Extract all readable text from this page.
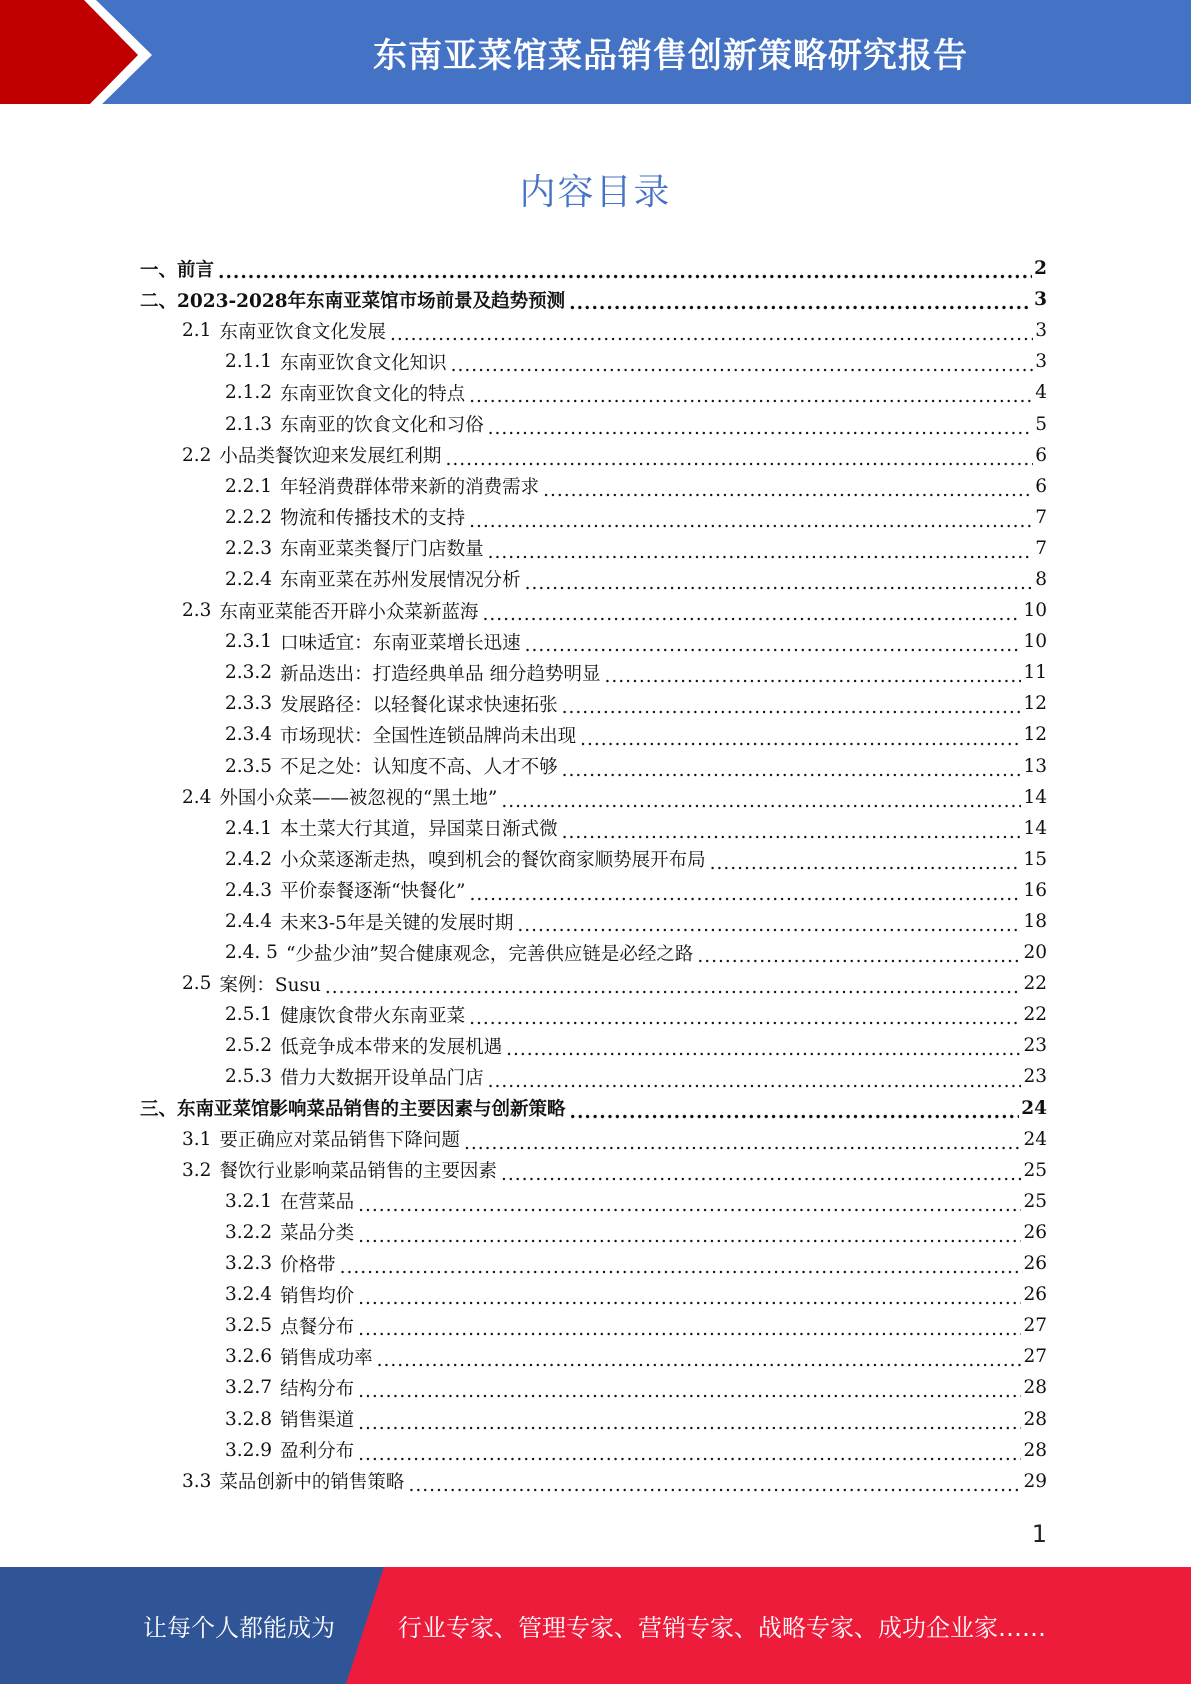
东南亚菜馆菜品销售创新策略研究报告
内容目录
一、前言 .....	2
二、2023-2028年东南亚菜馆市场前景及趋势预测 .....	3
2.1 东南亚饮食文化发展 .....	3
2.1.1 东南亚饮食文化知识 .....	3
2.1.2 东南亚饮食文化的特点 .....	4
2.1.3 东南亚的饮食文化和习俗 .....	5
2.2 小品类餐饮迎来发展红利期 .....	6
2.2.1 年轻消费群体带来新的消费需求 .....	6
2.2.2 物流和传播技术的支持 .....	7
2.2.3 东南亚菜类餐厅门店数量 .....	7
2.2.4 东南亚菜在苏州发展情况分析 .....	8
2.3 东南亚菜能否开辟小众菜新蓝海 .....	10
2.3.1 口味适宜：东南亚菜增长迅速 .....	10
2.3.2 新品迭出：打造经典单品 细分趋势明显 .....	11
2.3.3 发展路径：以轻餐化谋求快速拓张 .....	12
2.3.4 市场现状：全国性连锁品牌尚未出现 .....	12
2.3.5 不足之处：认知度不高、人才不够 .....	13
2.4 外国小众菜——被忽视的“黑土地” .....	14
2.4.1 本土菜大行其道，异国菜日渐式微 .....	14
2.4.2 小众菜逐渐走热，嗅到机会的餐饮商家顺势展开布局 .....	15
2.4.3 平价泰餐逐渐“快餐化” .....	16
2.4.4 未来3-5年是关键的发展时期 .....	18
2.4. 5 “少盐少油”契合健康观念，完善供应链是必经之路 .....	20
2.5 案例：Susu .....	22
2.5.1 健康饮食带火东南亚菜 .....	22
2.5.2 低竞争成本带来的发展机遇 .....	23
2.5.3 借力大数据开设单品门店 .....	23
三、东南亚菜馆影响菜品销售的主要因素与创新策略 .....	24
3.1 要正确应对菜品销售下降问题 .....	24
3.2 餐饮行业影响菜品销售的主要因素 .....	25
3.2.1 在营菜品 .....	25
3.2.2 菜品分类 .....	26
3.2.3 价格带 .....	26
3.2.4 销售均价 .....	26
3.2.5 点餐分布 .....	27
3.2.6 销售成功率 .....	27
3.2.7 结构分布 .....	28
3.2.8 销售渠道 .....	28
3.2.9 盈利分布 .....	28
3.3 菜品创新中的销售策略 .....	29
1
让每个人都能成为	行业专家、管理专家、营销专家、战略专家、成功企业家……
